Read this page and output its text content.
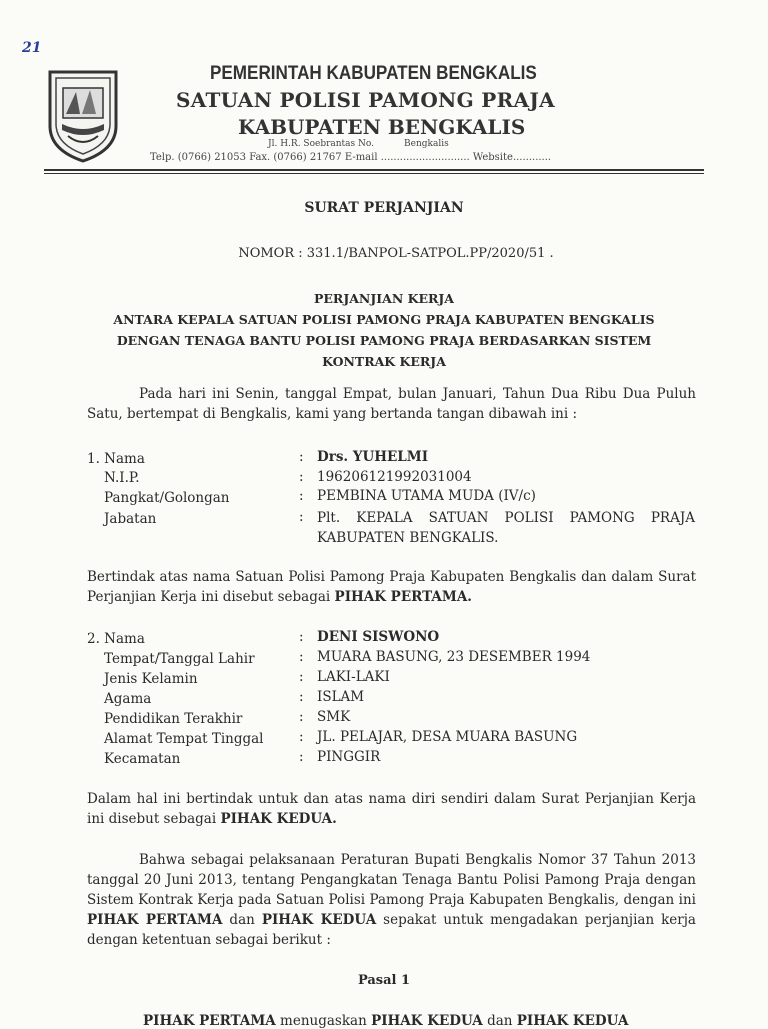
21
PEMERINTAH KABUPATEN BENGKALIS
SATUAN POLISI PAMONG PRAJA
KABUPATEN BENGKALIS
Jl. H.R. Soebrantas No.	Bengkalis
Telp. (0766) 21053 Fax. (0766) 21767 E-mail ............................ Website............
SURAT PERJANJIAN
NOMOR : 331.1/BANPOL-SATPOL.PP/2020/51 .
PERJANJIAN KERJA
ANTARA KEPALA SATUAN POLISI PAMONG PRAJA KABUPATEN BENGKALIS
DENGAN TENAGA BANTU POLISI PAMONG PRAJA BERDASARKAN SISTEM
KONTRAK KERJA
Pada hari ini Senin, tanggal Empat, bulan Januari, Tahun Dua Ribu Dua Puluh Satu, bertempat di Bengkalis, kami yang bertanda tangan dibawah ini :
1. Nama	: Drs. YUHELMI
N.I.P.	: 196206121992031004
Pangkat/Golongan	: PEMBINA UTAMA MUDA (IV/c)
Jabatan	: Plt. KEPALA SATUAN POLISI PAMONG PRAJA KABUPATEN BENGKALIS.
Bertindak atas nama Satuan Polisi Pamong Praja Kabupaten Bengkalis dan dalam Surat Perjanjian Kerja ini disebut sebagai PIHAK PERTAMA.
2. Nama	: DENI SISWONO
Tempat/Tanggal Lahir	: MUARA BASUNG, 23 DESEMBER 1994
Jenis Kelamin	: LAKI-LAKI
Agama	: ISLAM
Pendidikan Terakhir	: SMK
Alamat Tempat Tinggal	: JL. PELAJAR, DESA MUARA BASUNG
Kecamatan	: PINGGIR
Dalam hal ini bertindak untuk dan atas nama diri sendiri dalam Surat Perjanjian Kerja ini disebut sebagai PIHAK KEDUA.
Bahwa sebagai pelaksanaan Peraturan Bupati Bengkalis Nomor 37 Tahun 2013 tanggal 20 Juni 2013, tentang Pengangkatan Tenaga Bantu Polisi Pamong Praja dengan Sistem Kontrak Kerja pada Satuan Polisi Pamong Praja Kabupaten Bengkalis, dengan ini PIHAK PERTAMA dan PIHAK KEDUA sepakat untuk mengadakan perjanjian kerja dengan ketentuan sebagai berikut :
Pasal 1
PIHAK PERTAMA menugaskan PIHAK KEDUA dan PIHAK KEDUA
